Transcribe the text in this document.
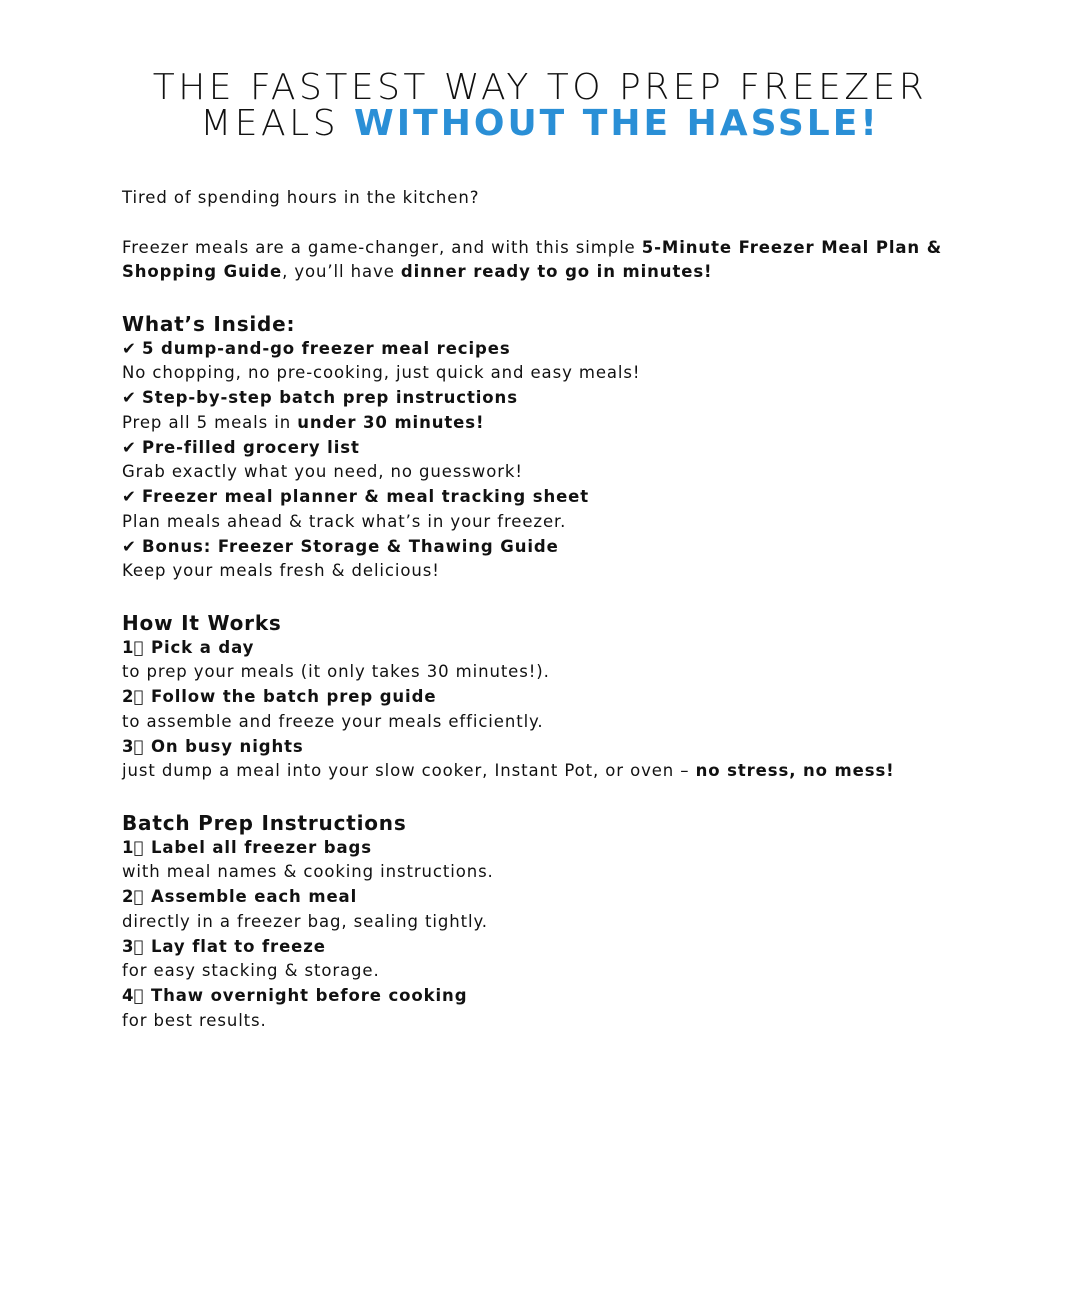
THE FASTEST WAY TO PREP FREEZER
MEALS WITHOUT THE HASSLE!

Tired of spending hours in the kitchen?

Freezer meals are a game-changer, and with this simple 5-Minute Freezer Meal Plan &

Shopping Guide, you’ll have dinner ready to go in minutes!

What’s Inside:
✔ 5 dump-and-go freezer meal recipes
No chopping, no pre-cooking, just quick and easy meals!
✔ Step-by-step batch prep instructions
Prep all 5 meals in under 30 minutes!
✔ Pre-filled grocery list
Grab exactly what you need, no guesswork!
✔ Freezer meal planner & meal tracking sheet
Plan meals ahead & track what’s in your freezer.
✔ Bonus: Freezer Storage & Thawing Guide
Keep your meals fresh & delicious!
How It Works
1⃣ Pick a day
to prep your meals (it only takes 30 minutes!).
2⃣ Follow the batch prep guide
to assemble and freeze your meals efficiently.
3⃣ On busy nights
just dump a meal into your slow cooker, Instant Pot, or oven – no stress, no mess!
Batch Prep Instructions
1⃣ Label all freezer bags
with meal names & cooking instructions.
2⃣ Assemble each meal
directly in a freezer bag, sealing tightly.
3⃣ Lay flat to freeze
for easy stacking & storage.
4⃣ Thaw overnight before cooking
for best results.
